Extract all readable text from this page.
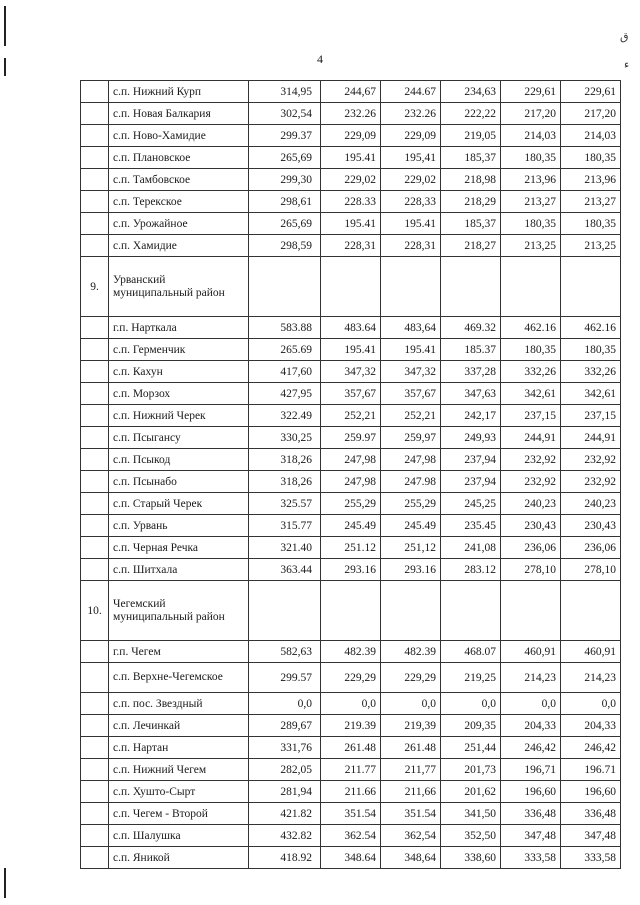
4
ق
ء
	с.п. Нижний Курп	314,95	244,67	244.67	234,63	229,61	229,61
	с.п. Новая Балкария	302,54	232.26	232.26	222,22	217,20	217,20
	с.п. Ново-Хамидие	299.37	229,09	229,09	219,05	214,03	214,03
	с.п. Плановское	265,69	195.41	195,41	185,37	180,35	180,35
	с.п. Тамбовское	299,30	229,02	229,02	218,98	213,96	213,96
	с.п. Терекское	298,61	228.33	228,33	218,29	213,27	213,27
	с.п. Урожайное	265,69	195.41	195.41	185,37	180,35	180,35
	с.п. Хамидие	298,59	228,31	228,31	218,27	213,25	213,25
9.	Урванский муниципальный район						
	г.п. Нарткала	583.88	483.64	483,64	469.32	462.16	462.16
	с.п. Герменчик	265.69	195.41	195.41	185.37	180,35	180,35
	с.п. Кахун	417,60	347,32	347,32	337,28	332,26	332,26
	с.п. Морзох	427,95	357,67	357,67	347,63	342,61	342,61
	с.п. Нижний Черек	322.49	252,21	252,21	242,17	237,15	237,15
	с.п. Псыгансу	330,25	259.97	259,97	249,93	244,91	244,91
	с.п. Псыкод	318,26	247,98	247,98	237,94	232,92	232,92
	с.п. Псынабо	318,26	247,98	247.98	237,94	232,92	232,92
	с.п. Старый Черек	325.57	255,29	255,29	245,25	240,23	240,23
	с.п. Урвань	315.77	245.49	245.49	235.45	230,43	230,43
	с.п. Черная Речка	321.40	251.12	251,12	241,08	236,06	236,06
	с.п. Шитхала	363.44	293.16	293.16	283.12	278,10	278,10
10.	Чегемский муниципальный район						
	г.п. Чегем	582,63	482.39	482.39	468.07	460,91	460,91
	с.п. Верхне-Чегемское	299.57	229,29	229,29	219,25	214,23	214,23
	с.п. пос. Звездный	0,0	0,0	0,0	0,0	0,0	0,0
	с.п. Лечинкай	289,67	219.39	219,39	209,35	204,33	204,33
	с.п. Нартан	331,76	261.48	261.48	251,44	246,42	246,42
	с.п. Нижний Чегем	282,05	211.77	211,77	201,73	196,71	196.71
	с.п. Хушто-Сырт	281,94	211.66	211,66	201,62	196,60	196,60
	с.п. Чегем - Второй	421.82	351.54	351.54	341,50	336,48	336,48
	с.п. Шалушка	432.82	362.54	362,54	352,50	347,48	347,48
	с.п. Яникой	418.92	348.64	348,64	338,60	333,58	333,58
